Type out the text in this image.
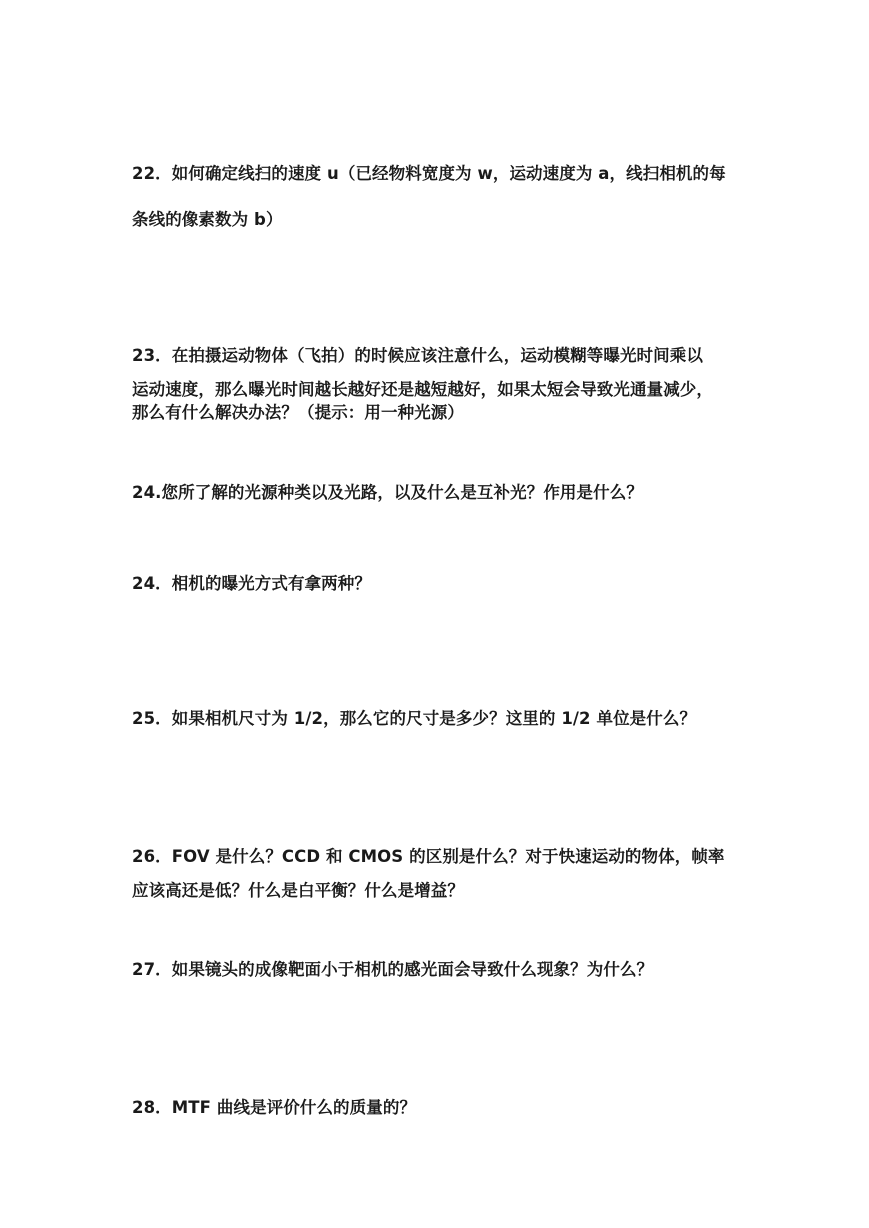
22．如何确定线扫的速度 u（已经物料宽度为 w，运动速度为 a，线扫相机的每
条线的像素数为 b）
23．在拍摄运动物体（飞拍）的时候应该注意什么，运动模糊等曝光时间乘以
运动速度，那么曝光时间越长越好还是越短越好，如果太短会导致光通量减少，
那么有什么解决办法？（提示：用一种光源）
24.您所了解的光源种类以及光路，以及什么是互补光？作用是什么？
24．相机的曝光方式有拿两种？
25．如果相机尺寸为 1/2，那么它的尺寸是多少？这里的 1/2 单位是什么？
26．FOV 是什么？CCD 和 CMOS 的区别是什么？对于快速运动的物体，帧率
应该高还是低？什么是白平衡？什么是增益？
27．如果镜头的成像靶面小于相机的感光面会导致什么现象？为什么？
28．MTF 曲线是评价什么的质量的？
